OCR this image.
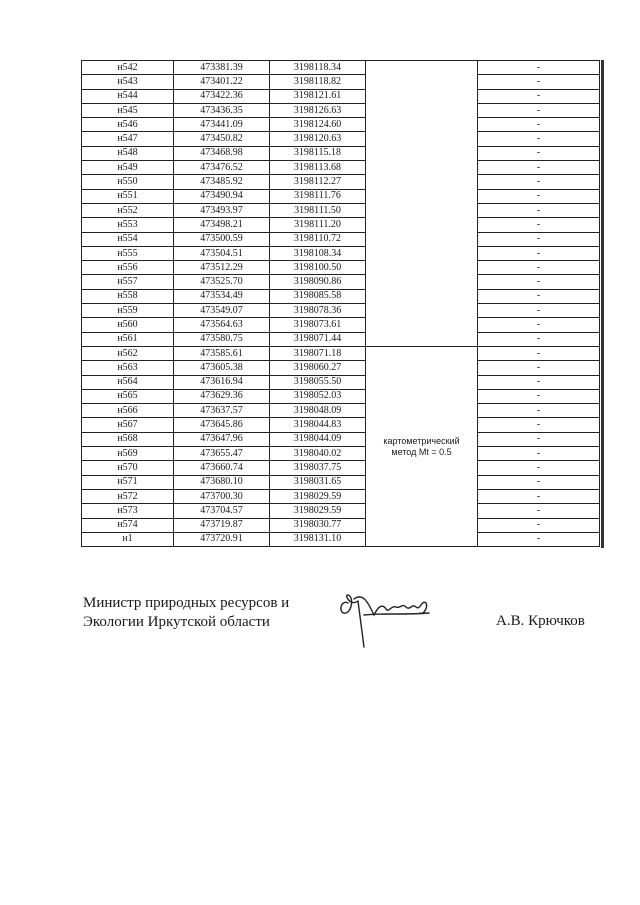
н542	473381.39	3198118.34		-
н543	473401.22	3198118.82		-
н544	473422.36	3198121.61		-
н545	473436.35	3198126.63		-
н546	473441.09	3198124.60		-
н547	473450.82	3198120.63		-
н548	473468.98	3198115.18		-
н549	473476.52	3198113.68		-
н550	473485.92	3198112.27		-
н551	473490.94	3198111.76		-
н552	473493.97	3198111.50		-
н553	473498.21	3198111.20		-
н554	473500.59	3198110.72		-
н555	473504.51	3198108.34		-
н556	473512.29	3198100.50		-
н557	473525.70	3198090.86		-
н558	473534.49	3198085.58		-
н559	473549.07	3198078.36		-
н560	473564.63	3198073.61		-
н561	473580.75	3198071.44		-
н562	473585.61	3198071.18	картометрический
метод Mt = 0.5	-
н563	473605.38	3198060.27		-
н564	473616.94	3198055.50		-
н565	473629.36	3198052.03		-
н566	473637.57	3198048.09		-
н567	473645.86	3198044.83		-
н568	473647.96	3198044.09		-
н569	473655.47	3198040.02		-
н570	473660.74	3198037.75		-
н571	473680.10	3198031.65		-
н572	473700.30	3198029.59		-
н573	473704.57	3198029.59		-
н574	473719.87	3198030.77		-
н1	473720.91	3198131.10		-
Министр природных ресурсов и
Экологии Иркутской области	А.В. Крючков
